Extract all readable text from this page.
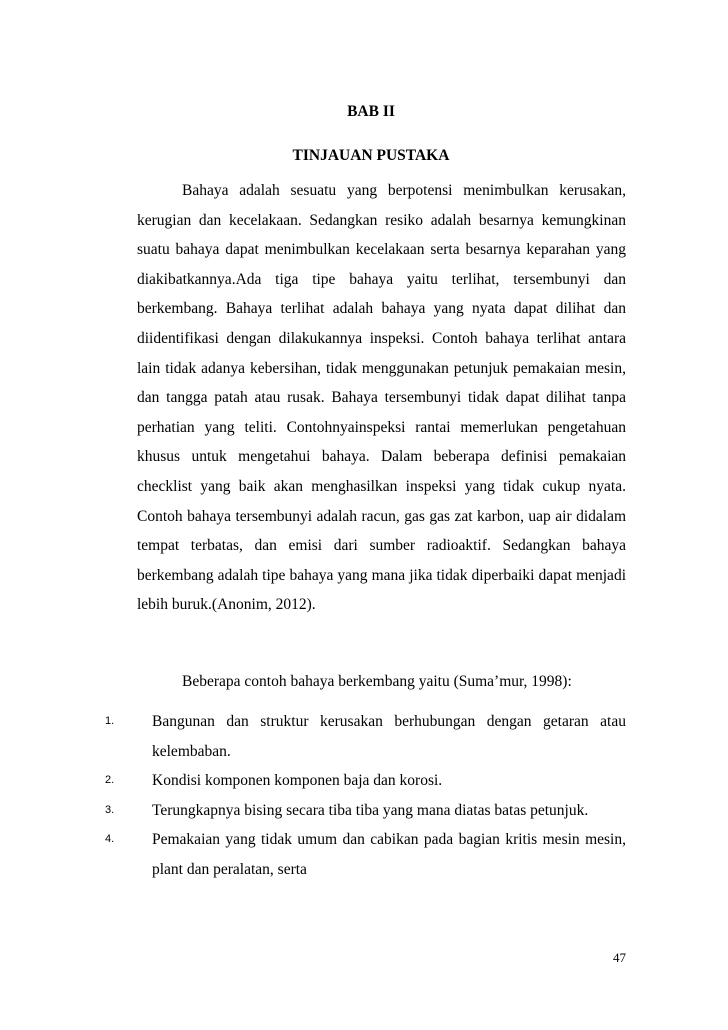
BAB II
TINJAUAN PUSTAKA

Bahaya adalah sesuatu yang berpotensi menimbulkan kerusakan, kerugian dan kecelakaan. Sedangkan resiko adalah besarnya kemungkinan suatu bahaya dapat menimbulkan kecelakaan serta besarnya keparahan yang diakibatkannya.Ada tiga tipe bahaya yaitu terlihat, tersembunyi dan berkembang. Bahaya terlihat adalah bahaya yang nyata dapat dilihat dan diidentifikasi dengan dilakukannya inspeksi. Contoh bahaya terlihat antara lain tidak adanya kebersihan, tidak menggunakan petunjuk pemakaian mesin, dan tangga patah atau rusak. Bahaya tersembunyi tidak dapat dilihat tanpa perhatian yang teliti. Contohnyainspeksi rantai memerlukan pengetahuan khusus untuk mengetahui bahaya. Dalam beberapa definisi pemakaian checklist yang baik akan menghasilkan inspeksi yang tidak cukup nyata. Contoh bahaya tersembunyi adalah racun, gas gas zat karbon, uap air didalam tempat terbatas, dan emisi dari sumber radioaktif. Sedangkan bahaya berkembang adalah tipe bahaya yang mana jika tidak diperbaiki dapat menjadi lebih buruk.(Anonim, 2012).

Beberapa contoh bahaya berkembang yaitu (Suma’mur, 1998):

1. Bangunan dan struktur kerusakan berhubungan dengan getaran atau kelembaban.
2. Kondisi komponen komponen baja dan korosi.
3. Terungkapnya bising secara tiba tiba yang mana diatas batas petunjuk.
4. Pemakaian yang tidak umum dan cabikan pada bagian kritis mesin mesin, plant dan peralatan, serta
47
